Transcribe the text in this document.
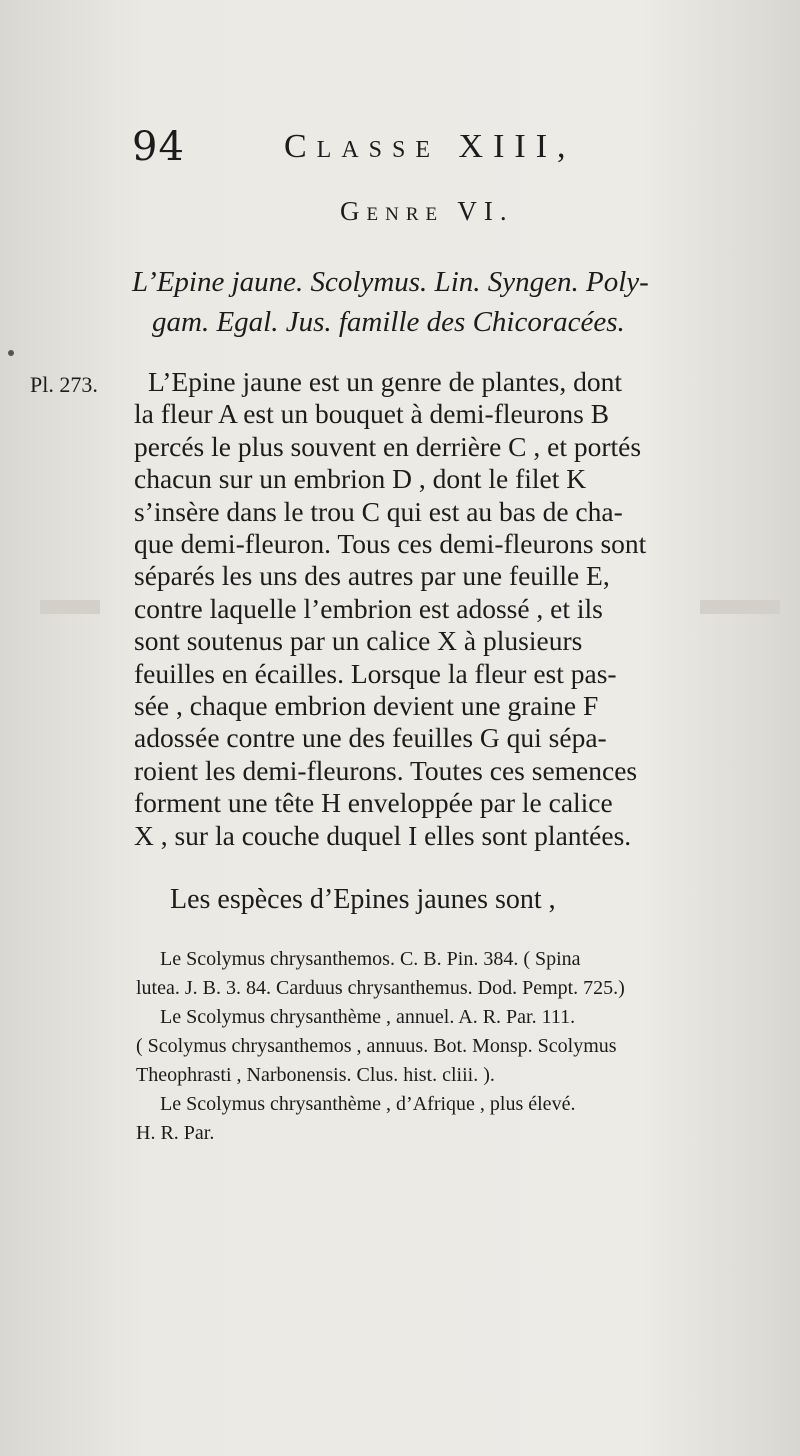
94	Classe XIII,
Genre VI.
L’Epine jaune. Scolymus. Lin. Syngen. Poly-
gam. Egal. Jus. famille des Chicoracées.
Pl. 273.	L’Epine jaune est un genre de plantes, dont
la fleur A est un bouquet à demi-fleurons B
percés le plus souvent en derrière C , et portés
chacun sur un embrion D , dont le filet K
s’insère dans le trou C qui est au bas de cha-
que demi-fleuron. Tous ces demi-fleurons sont
séparés les uns des autres par une feuille E,
contre laquelle l’embrion est adossé , et ils
sont soutenus par un calice X à plusieurs
feuilles en écailles. Lorsque la fleur est pas-
sée , chaque embrion devient une graine F
adossée contre une des feuilles G qui sépa-
roient les demi-fleurons. Toutes ces semences
forment une tête H enveloppée par le calice
X , sur la couche duquel I elles sont plantées.
Les espèces d’Epines jaunes sont ,
Le Scolymus chrysanthemos. C. B. Pin. 384. ( Spina
lutea. J. B. 3. 84. Carduus chrysanthemus. Dod. Pempt. 725.)
Le Scolymus chrysanthème , annuel. A. R. Par. 111.
( Scolymus chrysanthemos , annuus. Bot. Monsp. Scolymus
Theophrasti , Narbonensis. Clus. hist. cliii. ).
Le Scolymus chrysanthème , d’Afrique , plus élevé.
H. R. Par.
